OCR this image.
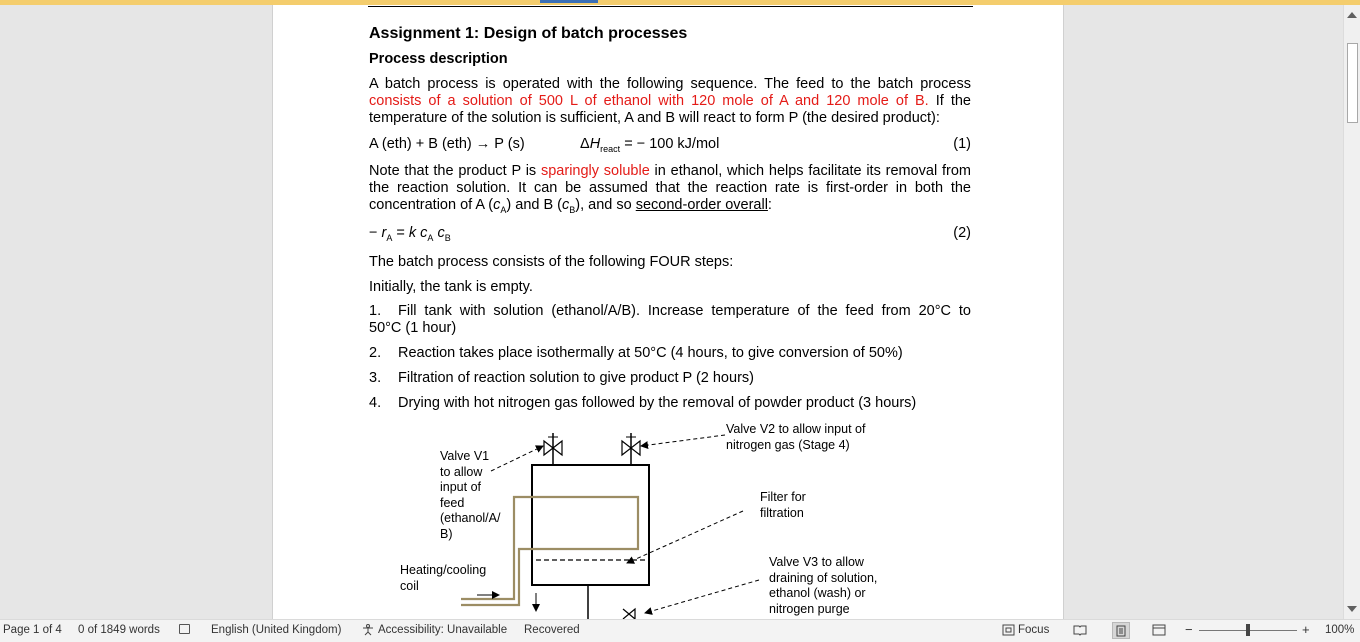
Assignment 1: Design of batch processes
Process description
A batch process is operated with the following sequence. The feed to the batch process
consists of a solution of 500 L of ethanol with 120 mole of A and 120 mole of B. If the
temperature of the solution is sufficient, A and B will react to form P (the desired product):
A (eth) + B (eth) → P (s)	$\Delta H_{react}$ = − 100 kJ/mol	(1)
Note that the product P is sparingly soluble in ethanol, which helps facilitate its removal from
the reaction solution. It can be assumed that the reaction rate is first-order in both the
concentration of A $(c_A)$ and B $(c_B)$, and so second-order overall:
− $r_A = k$ $c_A$ $c_B$	(2)
The batch process consists of the following FOUR steps:
Initially, the tank is empty.
1. Fill tank with solution (ethanol/A/B). Increase temperature of the feed from 20°C to
50°C (1 hour)
2. Reaction takes place isothermally at 50°C (4 hours, to give conversion of 50%)
3. Filtration of reaction solution to give product P (2 hours)
4. Drying with hot nitrogen gas followed by the removal of powder product (3 hours)
Valve V1
to allow
input of
feed
(ethanol/A/
B)
Valve V2 to allow input of
nitrogen gas (Stage 4)
Filter for
filtration
Heating/cooling
coil
Valve V3 to allow
draining of solution,
ethanol (wash) or
nitrogen purge
Page 1 of 4 0 of 1849 words	English (United Kingdom)	Accessibility: Unavailable Recovered	Focus	−	+ 100%
